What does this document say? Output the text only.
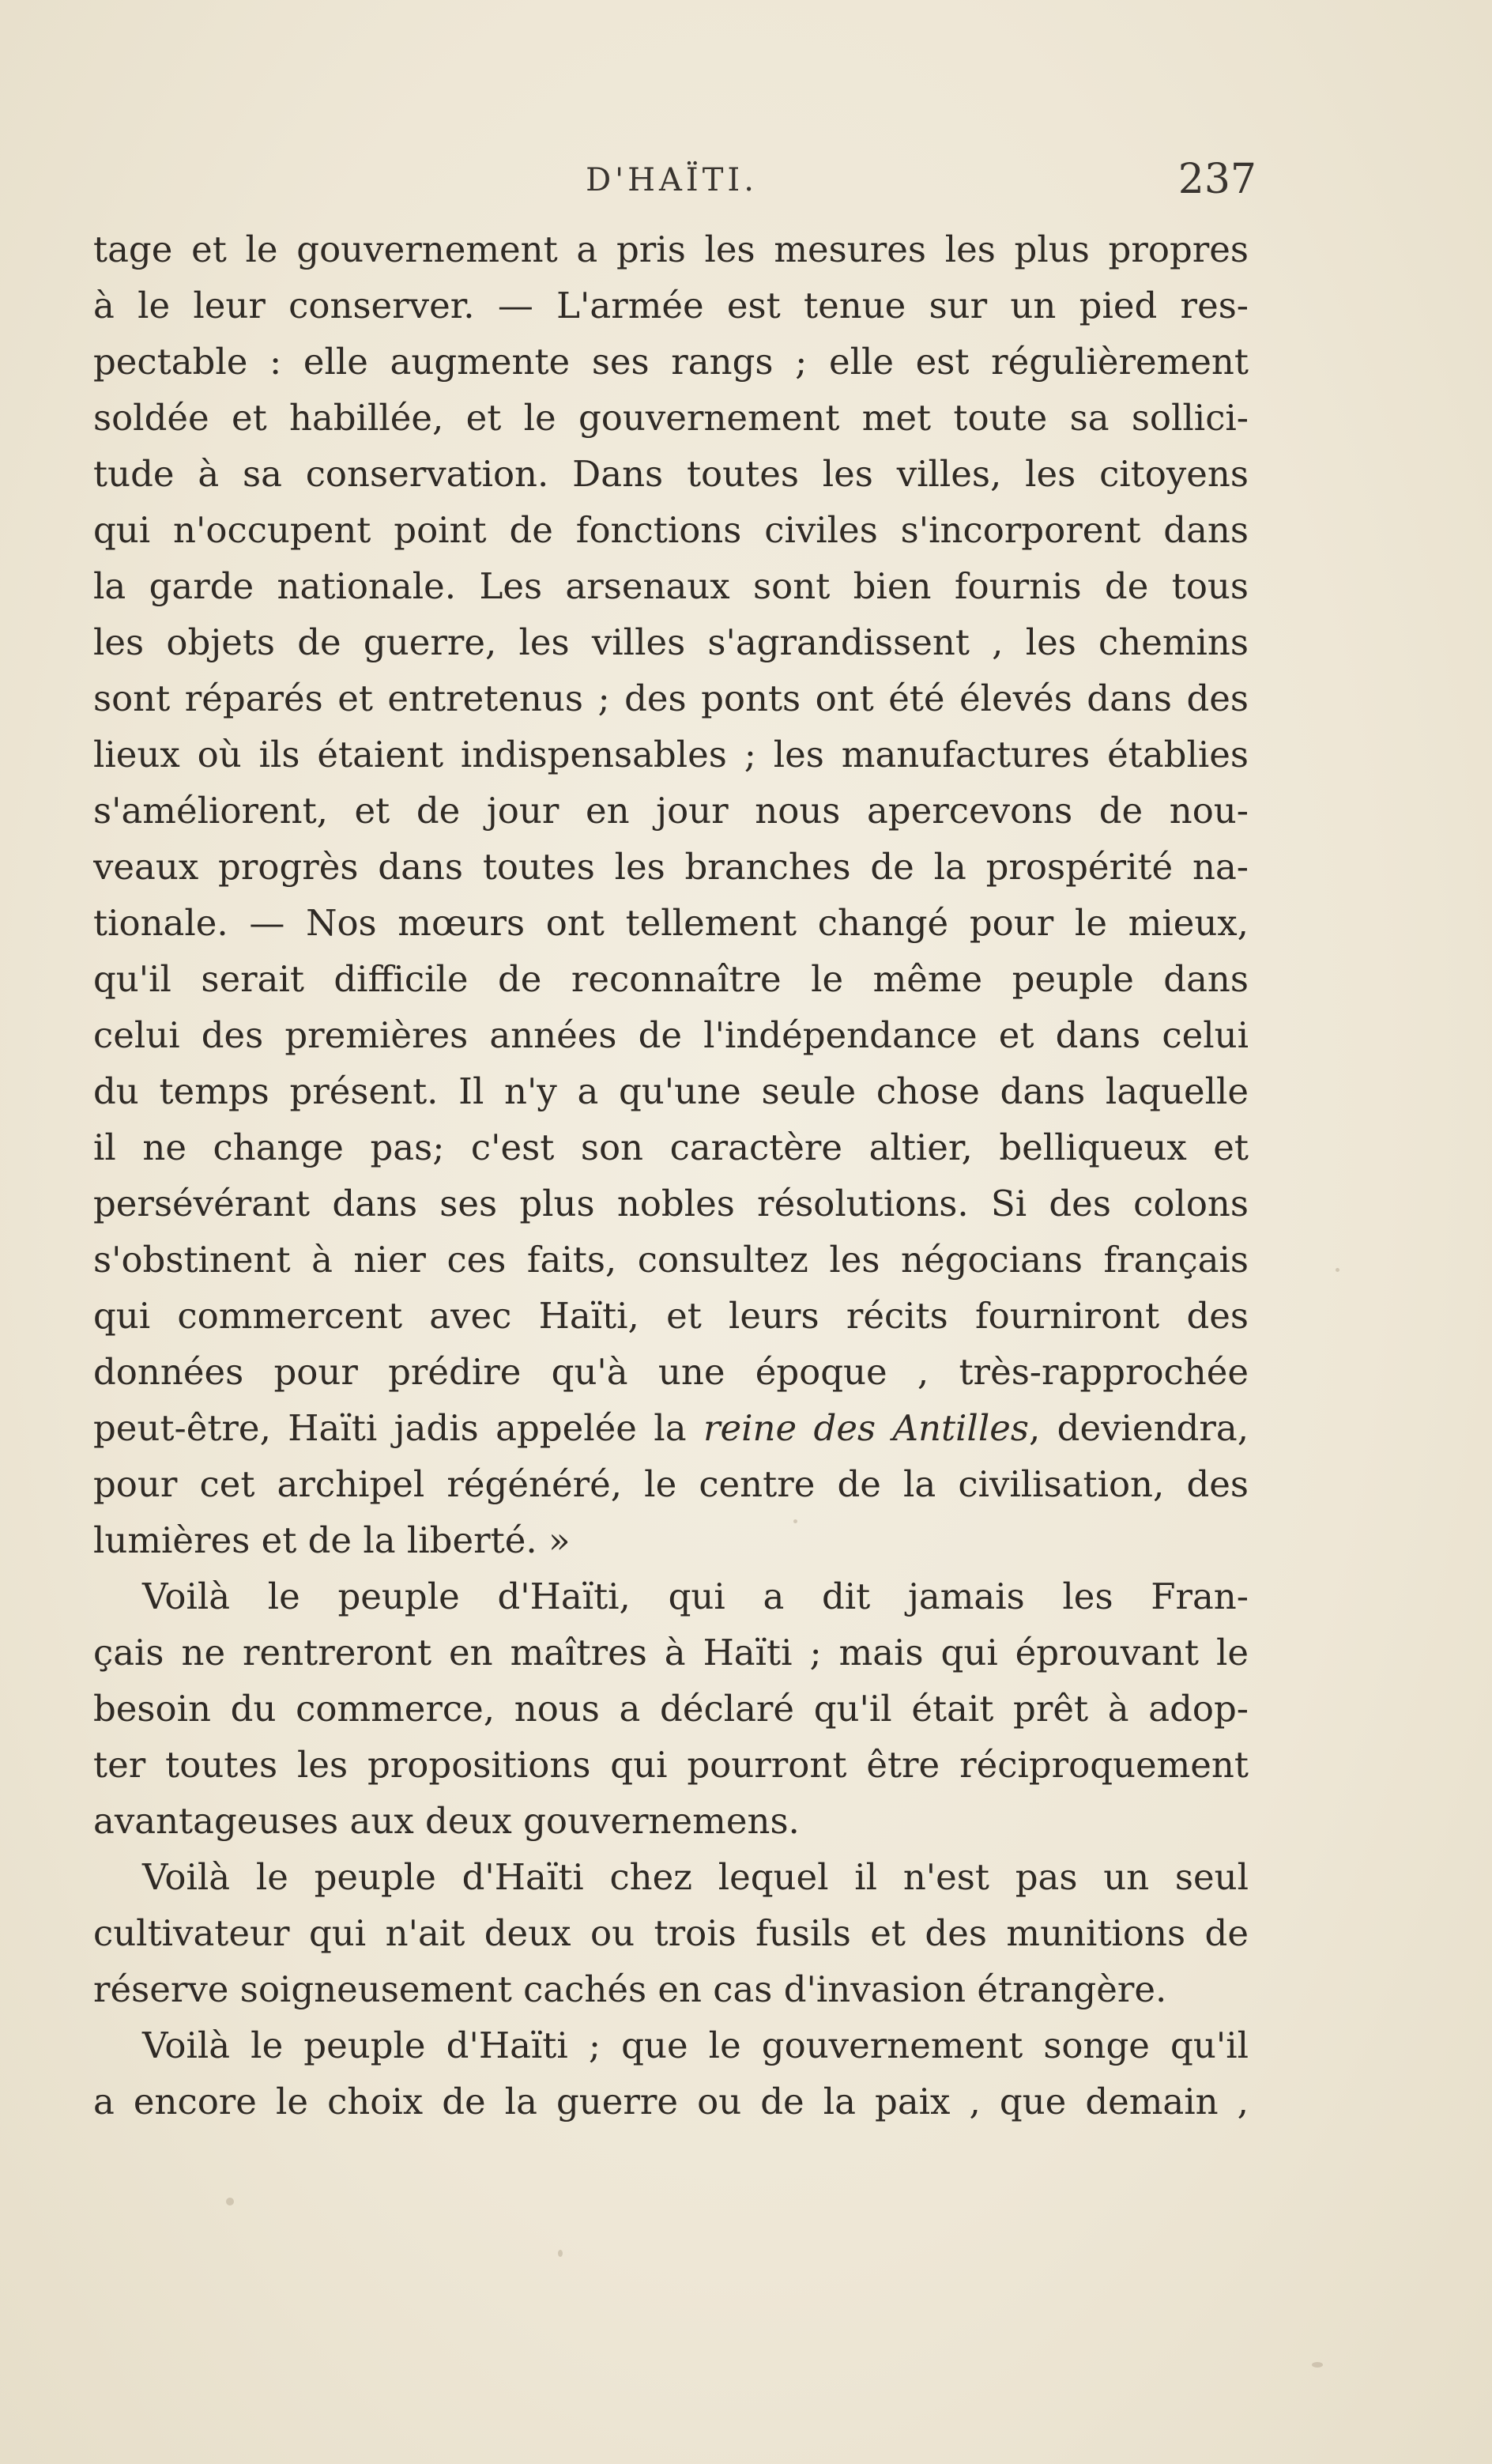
D'HAÏTI.	237
tage et le gouvernement a pris les mesures les plus propres
à le leur conserver. — L'armée est tenue sur un pied res-
pectable : elle augmente ses rangs ; elle est régulièrement
soldée et habillée, et le gouvernement met toute sa sollici-
tude à sa conservation. Dans toutes les villes, les citoyens
qui n'occupent point de fonctions civiles s'incorporent dans
la garde nationale. Les arsenaux sont bien fournis de tous
les objets de guerre, les villes s'agrandissent , les chemins
sont réparés et entretenus ; des ponts ont été élevés dans des
lieux où ils étaient indispensables ; les manufactures établies
s'améliorent, et de jour en jour nous apercevons de nou-
veaux progrès dans toutes les branches de la prospérité na-
tionale. — Nos mœurs ont tellement changé pour le mieux,
qu'il serait difficile de reconnaître le même peuple dans
celui des premières années de l'indépendance et dans celui
du temps présent. Il n'y a qu'une seule chose dans laquelle
il ne change pas; c'est son caractère altier, belliqueux et
persévérant dans ses plus nobles résolutions. Si des colons
s'obstinent à nier ces faits, consultez les négocians français
qui commercent avec Haïti, et leurs récits fourniront des
données pour prédire qu'à une époque , très-rapprochée
peut-être, Haïti jadis appelée la reine des Antilles, deviendra,
pour cet archipel régénéré, le centre de la civilisation, des
lumières et de la liberté. »
Voilà le peuple d'Haïti, qui a dit jamais les Fran-
çais ne rentreront en maîtres à Haïti ; mais qui éprouvant le
besoin du commerce, nous a déclaré qu'il était prêt à adop-
ter toutes les propositions qui pourront être réciproquement
avantageuses aux deux gouvernemens.
Voilà le peuple d'Haïti chez lequel il n'est pas un seul
cultivateur qui n'ait deux ou trois fusils et des munitions de
réserve soigneusement cachés en cas d'invasion étrangère.
Voilà le peuple d'Haïti ; que le gouvernement songe qu'il
a encore le choix de la guerre ou de la paix , que demain ,
